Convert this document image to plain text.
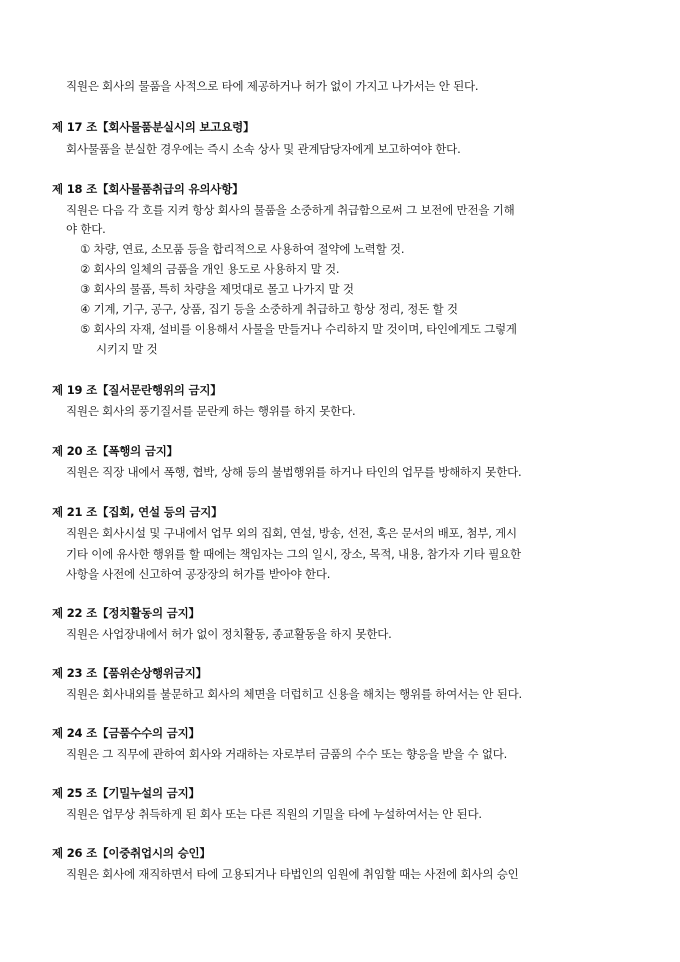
직원은 회사의 물품을 사적으로 타에 제공하거나 허가 없이 가지고 나가서는 안 된다.
제 17 조【회사물품분실시의 보고요령】
회사물품을 분실한 경우에는 즉시 소속 상사 및 관계담당자에게 보고하여야 한다.
제 18 조【회사물품취급의 유의사항】
직원은 다음 각 호를 지켜 항상 회사의 물품을 소중하게 취급함으로써 그 보전에 만전을 기해
야 한다.
① 차량, 연료, 소모품 등을 합리적으로 사용하여 절약에 노력할 것.
② 회사의 일체의 금품을 개인 용도로 사용하지 말 것.
③ 회사의 물품, 특히 차량을 제멋대로 몰고 나가지 말 것
④ 기계, 기구, 공구, 상품, 집기 등을 소중하게 취급하고 항상 정리, 정돈 할 것
⑤ 회사의 자재, 설비를 이용해서 사물을 만들거나 수리하지 말 것이며, 타인에게도 그렇게
시키지 말 것
제 19 조【질서문란행위의 금지】
직원은 회사의 풍기질서를 문란케 하는 행위를 하지 못한다.
제 20 조【폭행의 금지】
직원은 직장 내에서 폭행, 협박, 상해 등의 불법행위를 하거나 타인의 업무를 방해하지 못한다.
제 21 조【집회, 연설 등의 금지】
직원은 회사시설 및 구내에서 업무 외의 집회, 연설, 방송, 선전, 혹은 문서의 배포, 첨부, 게시
기타 이에 유사한 행위를 할 때에는 책임자는 그의 일시, 장소, 목적, 내용, 참가자 기타 필요한
사항을 사전에 신고하여 공장장의 허가를 받아야 한다.
제 22 조【정치활동의 금지】
직원은 사업장내에서 허가 없이 정치활동, 종교활동을 하지 못한다.
제 23 조【품위손상행위금지】
직원은 회사내외를 불문하고 회사의 체면을 더럽히고 신용을 해치는 행위를 하여서는 안 된다.
제 24 조【금품수수의 금지】
직원은 그 직무에 관하여 회사와 거래하는 자로부터 금품의 수수 또는 향응을 받을 수 없다.
제 25 조【기밀누설의 금지】
직원은 업무상 취득하게 된 회사 또는 다른 직원의 기밀을 타에 누설하여서는 안 된다.
제 26 조【이중취업시의 승인】
직원은 회사에 재직하면서 타에 고용되거나 타법인의 임원에 취임할 때는 사전에 회사의 승인
